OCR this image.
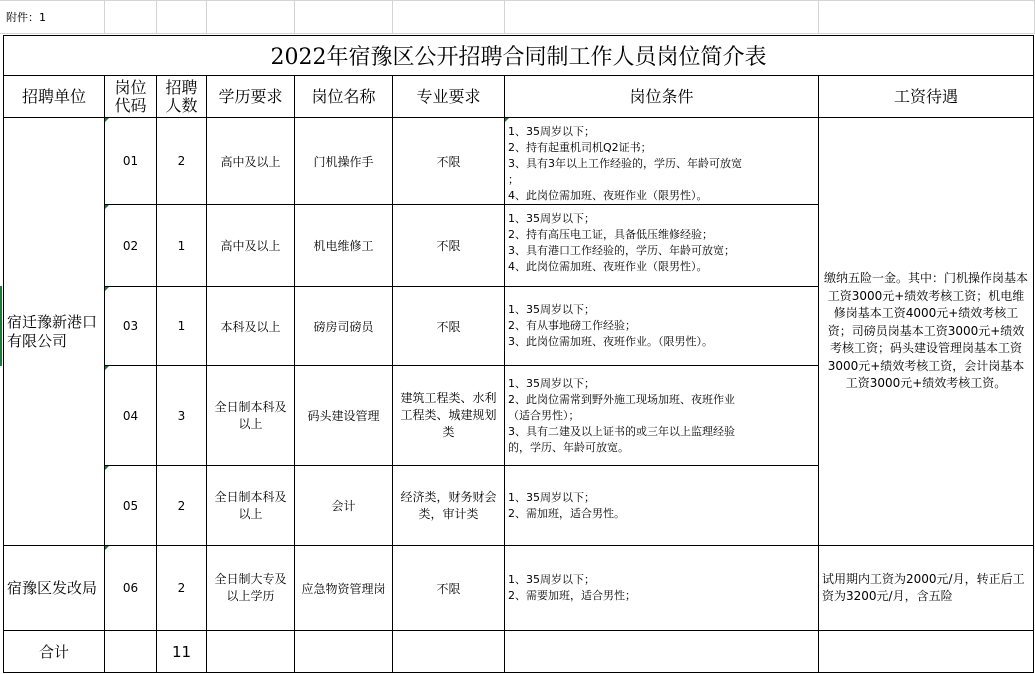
附件：1
2022年宿豫区公开招聘合同制工作人员岗位简介表							
招聘单位	岗位代码	招聘人数	学历要求	岗位名称	专业要求	岗位条件	工资待遇
宿迁豫新港口有限公司	01	2	高中及以上	门机操作手	不限	1、35周岁以下；
2、持有起重机司机Q2证书；
3、具有3年以上工作经验的，学历、年龄可放宽
；
4、此岗位需加班、夜班作业（限男性）。	缴纳五险一金。其中：门机操作岗基本工资3000元+绩效考核工资；机电维修岗基本工资4000元+绩效考核工资；司磅员岗基本工资3000元+绩效考核工资；码头建设管理岗基本工资3000元+绩效考核工资，会计岗基本工资3000元+绩效考核工资。
	02	1	高中及以上	机电维修工	不限	1、35周岁以下；
2、持有高压电工证，具备低压维修经验；
3、具有港口工作经验的，学历、年龄可放宽；
4、此岗位需加班、夜班作业（限男性）。	

	03	1	本科及以上	磅房司磅员	不限	1、35周岁以下；
2、有从事地磅工作经验；
3、此岗位需加班、夜班作业。（限男性）。	

	04	3	全日制本科及以上	码头建设管理	建筑工程类、水利工程类、城建规划类	1、35周岁以下；
2、此岗位需常到野外施工现场加班、夜班作业
（适合男性）；
3、具有二建及以上证书的或三年以上监理经验
的，学历、年龄可放宽。	

	05	2	全日制本科及以上	会计	经济类，财务财会类，审计类	1、35周岁以下；
2、需加班，适合男性。	

宿豫区发改局	06	2	全日制大专及以上学历	应急物资管理岗	不限	1、35周岁以下；
2、需要加班，适合男性；	试用期内工资为2000元/月，转正后工资为3200元/月，含五险
合计		11					
